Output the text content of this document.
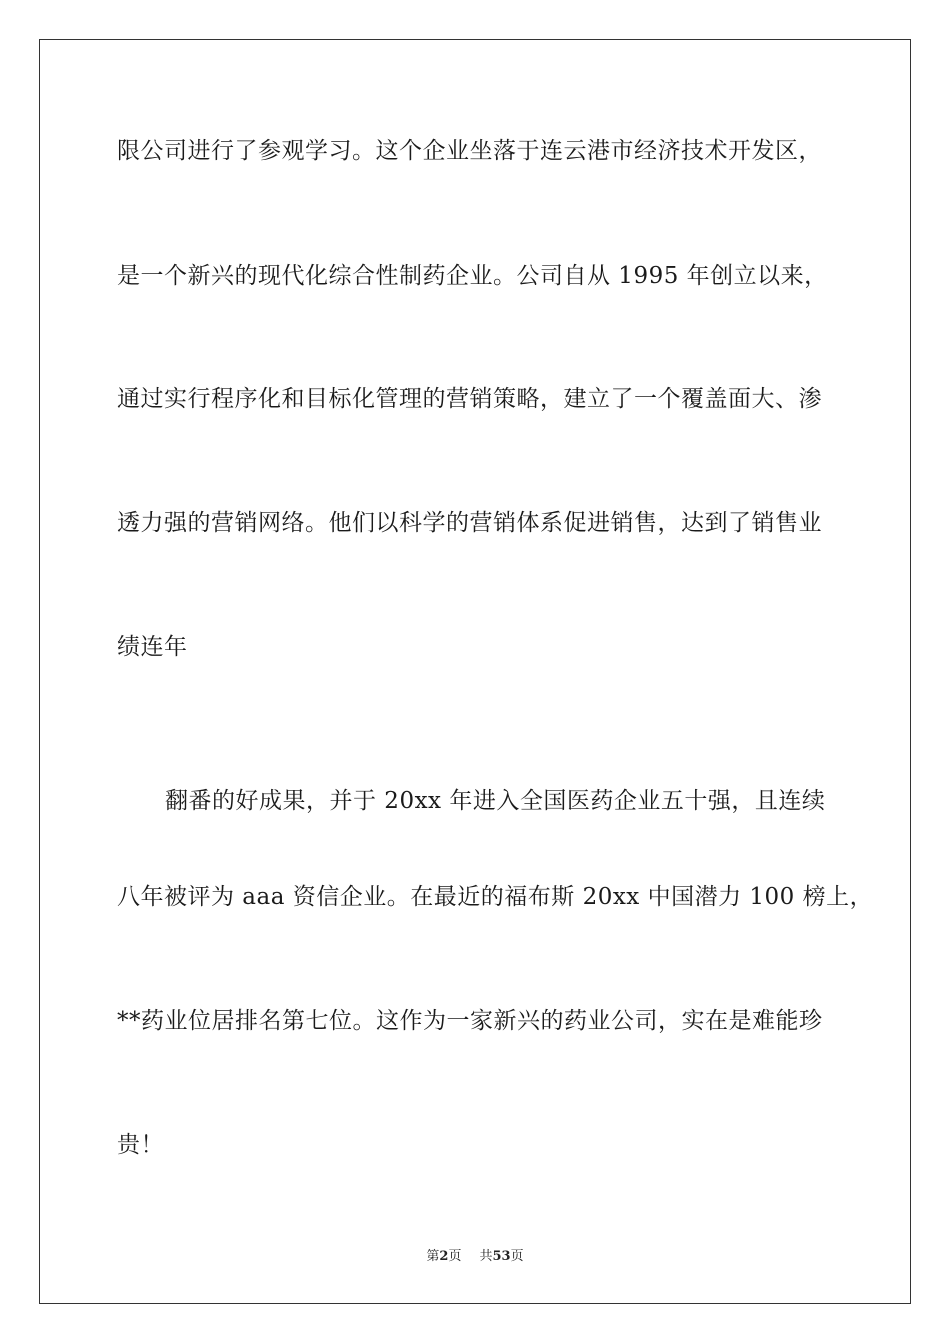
限公司进行了参观学习。这个企业坐落于连云港市经济技术开发区，
是一个新兴的现代化综合性制药企业。公司自从 1995 年创立以来，
通过实行程序化和目标化管理的营销策略，建立了一个覆盖面大、渗
透力强的营销网络。他们以科学的营销体系促进销售，达到了销售业
绩连年
翻番的好成果，并于 20xx 年进入全国医药企业五十强，且连续
八年被评为 aaa 资信企业。在最近的福布斯 20xx 中国潜力 100 榜上，
**药业位居排名第七位。这作为一家新兴的药业公司，实在是难能珍
贵！
第2页 共53页
